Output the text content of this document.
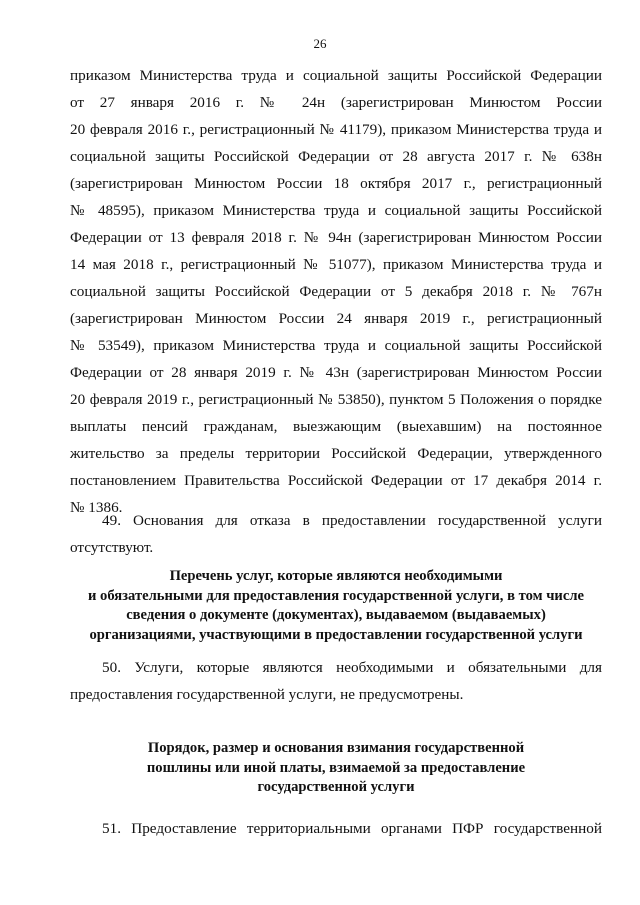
26
приказом Министерства труда и социальной защиты Российской Федерации
от 27 января 2016 г. № 24н (зарегистрирован Минюстом России
20 февраля 2016 г., регистрационный № 41179), приказом Министерства труда и
социальной защиты Российской Федерации от 28 августа 2017 г. № 638н
(зарегистрирован Минюстом России 18 октября 2017 г., регистрационный
№ 48595), приказом Министерства труда и социальной защиты Российской
Федерации от 13 февраля 2018 г. № 94н (зарегистрирован Минюстом России
14 мая 2018 г., регистрационный № 51077), приказом Министерства труда и
социальной защиты Российской Федерации от 5 декабря 2018 г. № 767н
(зарегистрирован Минюстом России 24 января 2019 г., регистрационный
№ 53549), приказом Министерства труда и социальной защиты Российской
Федерации от 28 января 2019 г. № 43н (зарегистрирован Минюстом России
20 февраля 2019 г., регистрационный № 53850), пунктом 5 Положения о порядке
выплаты пенсий гражданам, выезжающим (выехавшим) на постоянное
жительство за пределы территории Российской Федерации, утвержденного
постановлением Правительства Российской Федерации от 17 декабря 2014 г.
№ 1386.
49. Основания для отказа в предоставлении государственной услуги
отсутствуют.
Перечень услуг, которые являются необходимыми
и обязательными для предоставления государственной услуги, в том числе
сведения о документе (документах), выдаваемом (выдаваемых)
организациями, участвующими в предоставлении государственной услуги
50. Услуги, которые являются необходимыми и обязательными для
предоставления государственной услуги, не предусмотрены.
Порядок, размер и основания взимания государственной
пошлины или иной платы, взимаемой за предоставление
государственной услуги
51. Предоставление территориальными органами ПФР государственной
